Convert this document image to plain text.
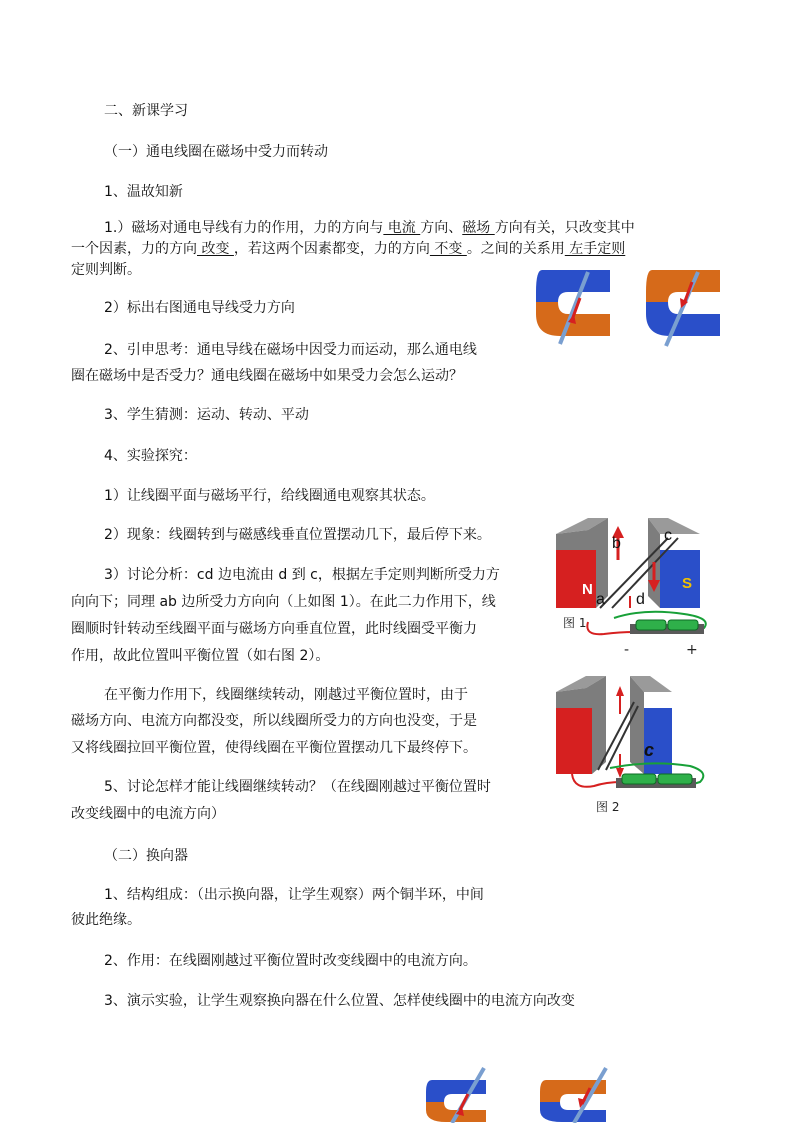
二、新课学习
（一）通电线圈在磁场中受力而转动
1、温故知新
1.）磁场对通电导线有力的作用，力的方向与 电流 方向、磁场 方向有关，只改变其中
一个因素，力的方向 改变 ，若这两个因素都变，力的方向 不变 。之间的关系用 左手定则
定则判断。
2）标出右图通电导线受力方向
2、引申思考：通电导线在磁场中因受力而运动，那么通电线
圈在磁场中是否受力？通电线圈在磁场中如果受力会怎么运动？
3、学生猜测：运动、转动、平动
4、实验探究：
1）让线圈平面与磁场平行，给线圈通电观察其状态。
2）现象：线圈转到与磁感线垂直位置摆动几下，最后停下来。
3）讨论分析：cd 边电流由 d 到 c，根据左手定则判断所受力方
向向下；同理 ab 边所受力方向向（上如图 1）。在此二力作用下，线
圈顺时针转动至线圈平面与磁场方向垂直位置，此时线圈受平衡力
作用，故此位置叫平衡位置（如右图 2）。
在平衡力作用下，线圈继续转动，刚越过平衡位置时，由于
磁场方向、电流方向都没变，所以线圈所受力的方向也没变，于是
又将线圈拉回平衡位置，使得线圈在平衡位置摆动几下最终停下。
5、讨论怎样才能让线圈继续转动？（在线圈刚越过平衡位置时
改变线圈中的电流方向）
（二）换向器
1、结构组成：（出示换向器，让学生观察）两个铜半环，中间
彼此绝缘。
2、作用：在线圈刚越过平衡位置时改变线圈中的电流方向。
3、演示实验，让学生观察换向器在什么位置、怎样使线圈中的电流方向改变
b	c
a d
N	S
图 1
-	+
c
图 2
